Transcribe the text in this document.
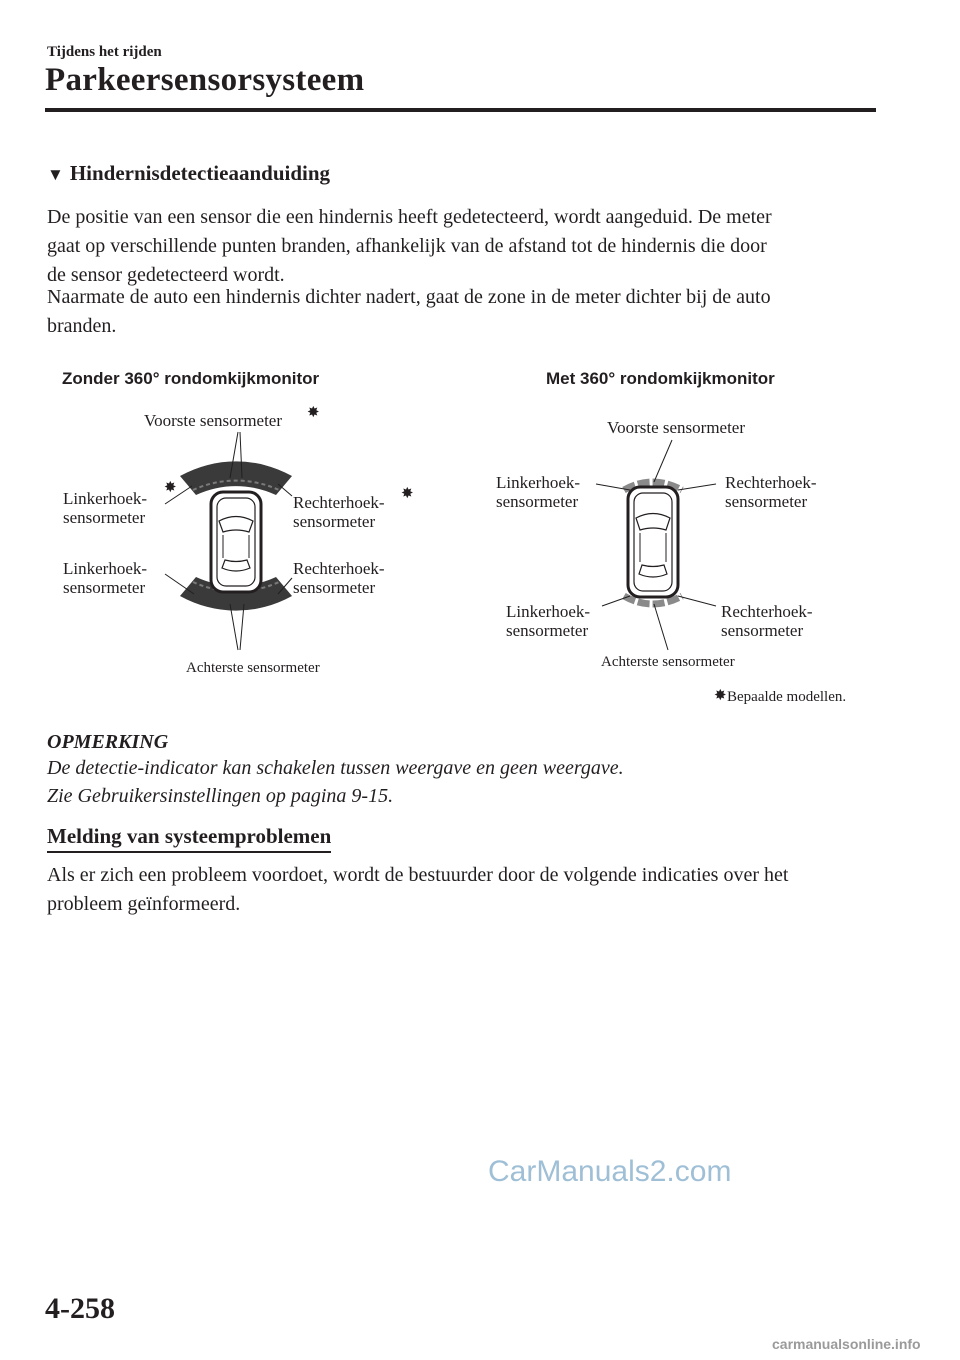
Tijdens het rijden
Parkeersensorsysteem
▼ Hindernisdetectieaanduiding
De positie van een sensor die een hindernis heeft gedetecteerd, wordt aangeduid. De meter
gaat op verschillende punten branden, afhankelijk van de afstand tot de hindernis die door
de sensor gedetecteerd wordt.
Naarmate de auto een hindernis dichter nadert, gaat de zone in de meter dichter bij de auto
branden.
Zonder 360° rondomkijkmonitor	Met 360° rondomkijkmonitor
Voorste sensormeter ✸
Achterste sensormeter
Linkerhoek-
✸
sensormeter
Rechterhoek- ✸
sensormeter
Linkerhoek-
sensormeter
Rechterhoek-
sensormeter
Voorste sensormeter
Achterste sensormeter
Linkerhoek-
sensormeter
Rechterhoek-
sensormeter
Linkerhoek-
sensormeter
Rechterhoek-
sensormeter
✸ Bepaalde modellen.
OPMERKING
De detectie-indicator kan schakelen tussen weergave en geen weergave.
Zie Gebruikersinstellingen op pagina 9-15.
Melding van systeemproblemen
Als er zich een probleem voordoet, wordt de bestuurder door de volgende indicaties over het
probleem geïnformeerd.
CarManuals2.com
4-258
carmanualsonline.info
